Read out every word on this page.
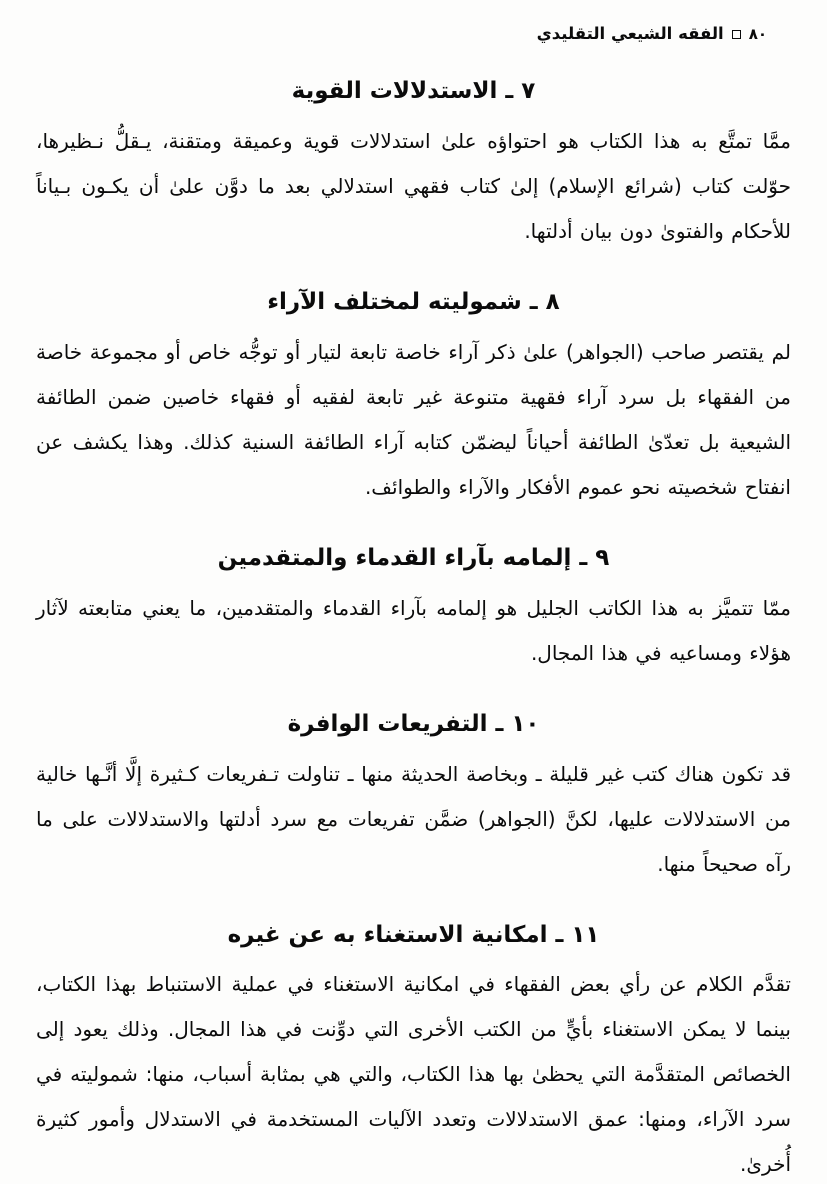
٨٠
الفقه الشيعي التقليدي
٧ ـ الاستدلالات القوية

ممَّا تمتَّع به هذا الكتاب هو احتواؤه علىٰ استدلالات قوية وعميقة ومتقنة، يـقلُّ نـظيرها، حوّلت كتاب (شرائع الإسلام) إلىٰ كتاب فقهي استدلالي بعد ما دوَّن علىٰ أن يكـون بـياناً للأحكام والفتوىٰ دون بيان أدلتها.

٨ ـ شموليته لمختلف الآراء

لم يقتصر صاحب (الجواهر) علىٰ ذكر آراء خاصة تابعة لتيار أو توجُّه خاص أو مجموعة خاصة من الفقهاء بل سرد آراء فقهية متنوعة غير تابعة لفقيه أو فقهاء خاصين ضمن الطائفة الشيعية بل تعدّىٰ الطائفة أحياناً ليضمّن كتابه آراء الطائفة السنية كذلك. وهذا يكشف عن انفتاح شخصيته نحو عموم الأفكار والآراء والطوائف.

٩ ـ إلمامه بآراء القدماء والمتقدمين

ممّا تتميَّز به هذا الكاتب الجليل هو إلمامه بآراء القدماء والمتقدمين، ما يعني متابعته لآثار هؤلاء ومساعيه في هذا المجال.

١٠ ـ التفريعات الوافرة

قد تكون هناك كتب غير قليلة ـ وبخاصة الحديثة منها ـ تناولت تـفريعات كـثيرة إلَّا أنَّـها خالية من الاستدلالات عليها، لكنَّ (الجواهر) ضمَّن تفريعات مع سرد أدلتها والاستدلالات على ما رآه صحيحاً منها.

١١ ـ امكانية الاستغناء به عن غيره

تقدَّم الكلام عن رأي بعض الفقهاء في امكانية الاستغناء في عملية الاستنباط بهذا الكتاب، بينما لا يمكن الاستغناء بأيٍّ من الكتب الأخرى التي دوِّنت في هذا المجال. وذلك يعود إلى الخصائص المتقدَّمة التي يحظىٰ بها هذا الكتاب، والتي هي بمثابة أسباب، منها: شموليته في سرد الآراء، ومنها: عمق الاستدلالات وتعدد الآليات المستخدمة في الاستدلال وأمور كثيرة أُخرىٰ.
